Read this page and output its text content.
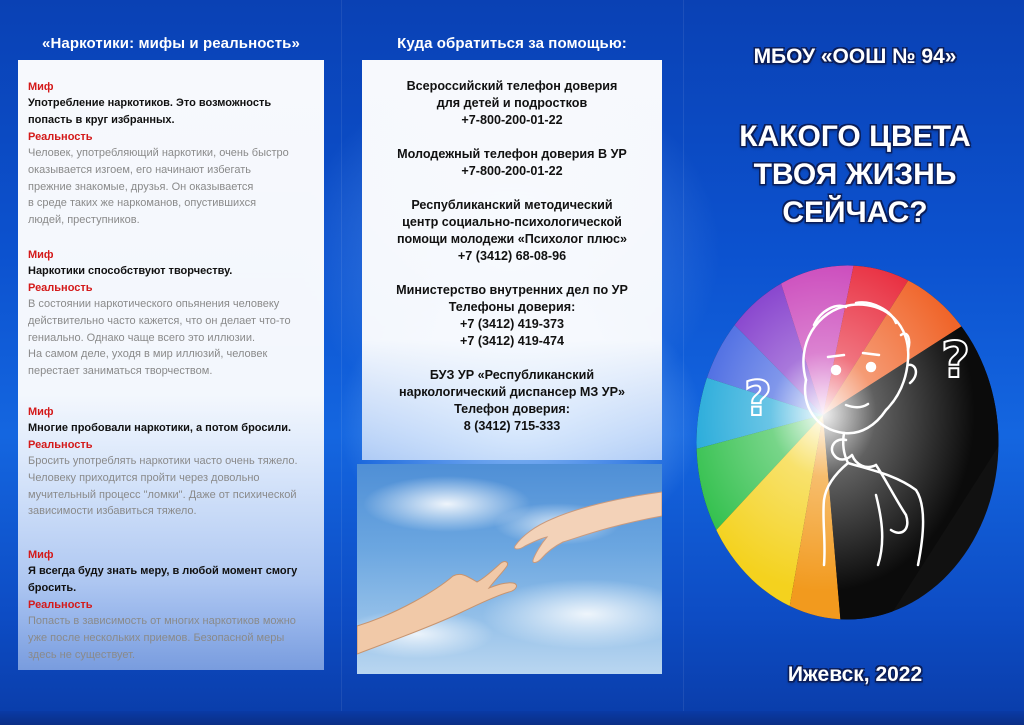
«Наркотики: мифы и реальность»
Миф
Употребление наркотиков. Это возможность попасть в круг избранных.
Реальность
Человек, употребляющий наркотики, очень быстро
оказывается изгоем, его начинают избегать
прежние знакомые, друзья. Он оказывается
в среде таких же наркоманов, опустившихся
людей, преступников.
Миф
Наркотики способствуют творчеству.
Реальность
В состоянии наркотического опьянения человеку
действительно часто кажется, что он делает что-то
гениально. Однако чаще всего это иллюзии.
На самом деле, уходя в мир иллюзий, человек
перестает заниматься творчеством.
Миф
Многие пробовали наркотики, а потом бросили.
Реальность
Бросить употреблять наркотики часто очень тяжело.
Человеку приходится пройти через довольно
мучительный процесс "ломки". Даже от психической
зависимости избавиться тяжело.
Миф
Я всегда буду знать меру, в любой момент смогу бросить.
Реальность
Попасть в зависимость от многих наркотиков можно
уже после нескольких приемов. Безопасной меры
здесь не существует.
Куда обратиться за помощью:
Всероссийский телефон доверия
для детей и подростков
+7-800-200-01-22
Молодежный телефон доверия В УР
+7-800-200-01-22
Республиканский методический
центр социально-психологической
помощи молодежи «Психолог плюс»
+7 (3412) 68-08-96
Министерство внутренних дел по УР
Телефоны доверия:
+7 (3412) 419-373
+7 (3412) 419-474
БУЗ УР «Республиканский
наркологический диспансер МЗ УР»
Телефон доверия:
8 (3412) 715-333
МБОУ «ООШ № 94»
КАКОГО ЦВЕТА
ТВОЯ ЖИЗНЬ
СЕЙЧАС?
?
?
Ижевск, 2022
